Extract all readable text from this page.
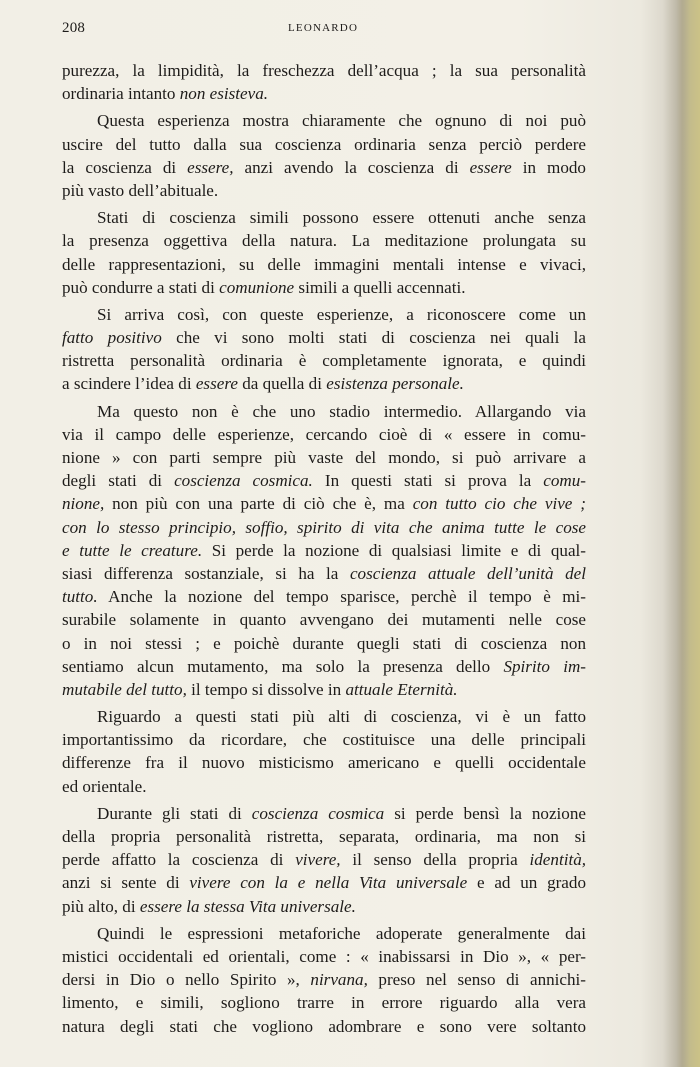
208	LEONARDO
purezza, la limpidità, la freschezza dell’acqua ; la sua personalità
ordinaria intanto non esisteva.
Questa esperienza mostra chiaramente che ognuno di noi può
uscire del tutto dalla sua coscienza ordinaria senza perciò perdere
la coscienza di essere, anzi avendo la coscienza di essere in modo
più vasto dell’abituale.
Stati di coscienza simili possono essere ottenuti anche senza
la presenza oggettiva della natura. La meditazione prolungata su
delle rappresentazioni, su delle immagini mentali intense e vivaci,
può condurre a stati di comunione simili a quelli accennati.
Si arriva così, con queste esperienze, a riconoscere come un
fatto positivo che vi sono molti stati di coscienza nei quali la
ristretta personalità ordinaria è completamente ignorata, e quindi
a scindere l’idea di essere da quella di esistenza personale.
Ma questo non è che uno stadio intermedio. Allargando via
via il campo delle esperienze, cercando cioè di « essere in comu-
nione » con parti sempre più vaste del mondo, si può arrivare a
degli stati di coscienza cosmica. In questi stati si prova la comu-
nione, non più con una parte di ciò che è, ma con tutto cio che vive ;
con lo stesso principio, soffio, spirito di vita che anima tutte le cose
e tutte le creature. Si perde la nozione di qualsiasi limite e di qual-
siasi differenza sostanziale, si ha la coscienza attuale dell’unità del
tutto. Anche la nozione del tempo sparisce, perchè il tempo è mi-
surabile solamente in quanto avvengano dei mutamenti nelle cose
o in noi stessi ; e poichè durante quegli stati di coscienza non
sentiamo alcun mutamento, ma solo la presenza dello Spirito im-
mutabile del tutto, il tempo si dissolve in attuale Eternità.
Riguardo a questi stati più alti di coscienza, vi è un fatto
importantissimo da ricordare, che costituisce una delle principali
differenze fra il nuovo misticismo americano e quelli occidentale
ed orientale.
Durante gli stati di coscienza cosmica si perde bensì la nozione
della propria personalità ristretta, separata, ordinaria, ma non si
perde affatto la coscienza di vivere, il senso della propria identità,
anzi si sente di vivere con la e nella Vita universale e ad un grado
più alto, di essere la stessa Vita universale.
Quindi le espressioni metaforiche adoperate generalmente dai
mistici occidentali ed orientali, come : « inabissarsi in Dio », « per-
dersi in Dio o nello Spirito », nirvana, preso nel senso di annichi-
limento, e simili, sogliono trarre in errore riguardo alla vera
natura degli stati che vogliono adombrare e sono vere soltanto
